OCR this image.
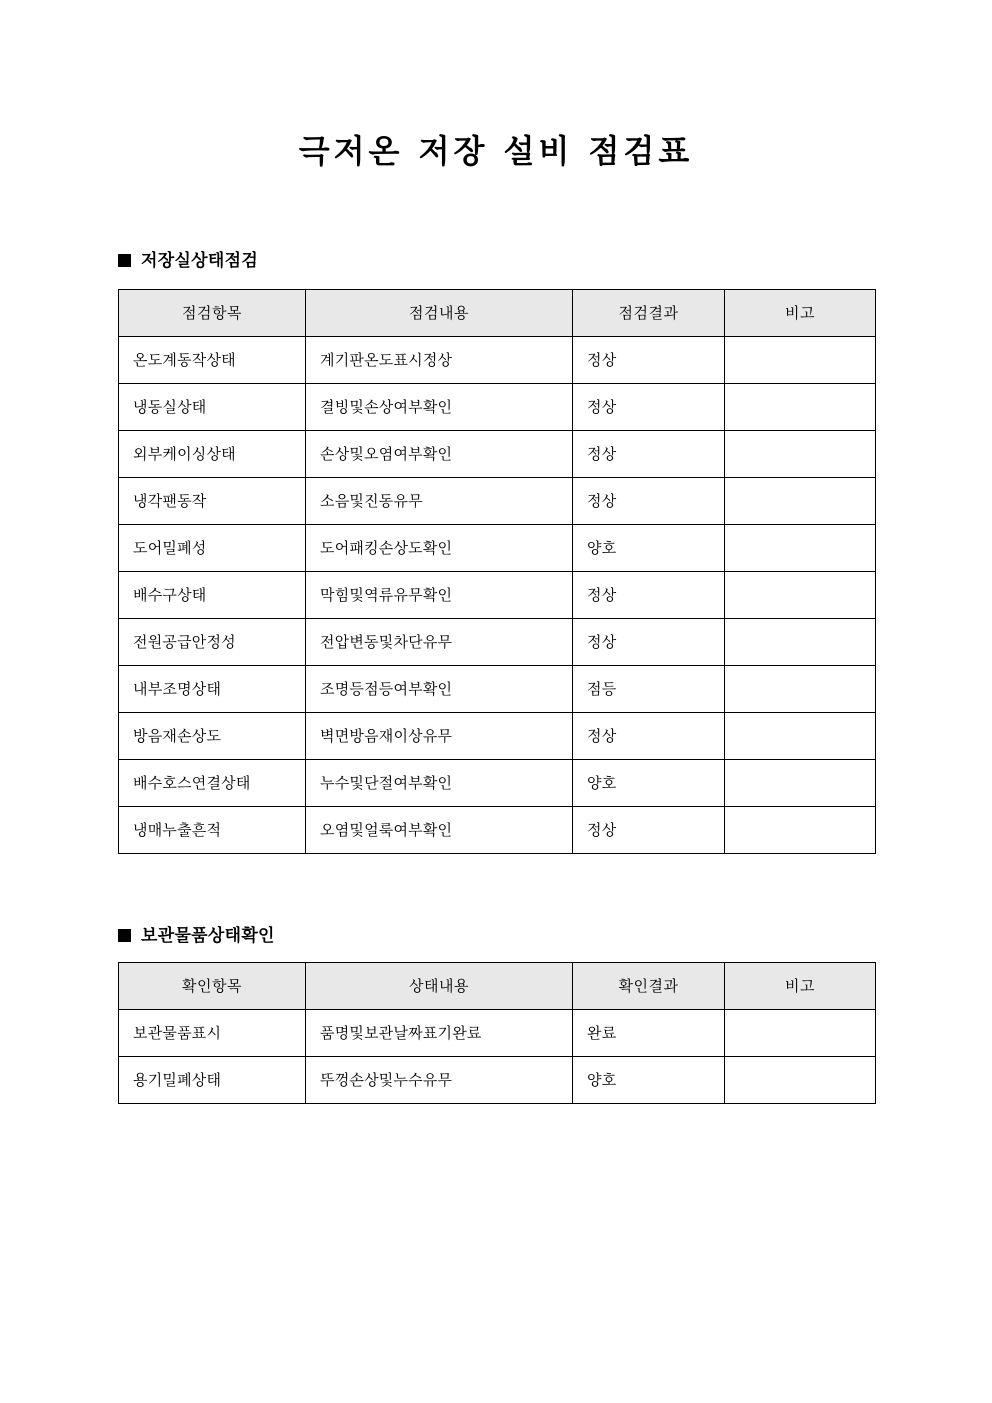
극저온 저장 설비 점검표
저장실상태점검
점검항목	점검내용	점검결과	비고
온도계동작상태	계기판온도표시정상	정상	
냉동실상태	결빙및손상여부확인	정상	
외부케이싱상태	손상및오염여부확인	정상	
냉각팬동작	소음및진동유무	정상	
도어밀폐성	도어패킹손상도확인	양호	
배수구상태	막힘및역류유무확인	정상	
전원공급안정성	전압변동및차단유무	정상	
내부조명상태	조명등점등여부확인	점등	
방음재손상도	벽면방음재이상유무	정상	
배수호스연결상태	누수및단절여부확인	양호	
냉매누출흔적	오염및얼룩여부확인	정상	
보관물품상태확인
확인항목	상태내용	확인결과	비고
보관물품표시	품명및보관날짜표기완료	완료	
용기밀폐상태	뚜껑손상및누수유무	양호	
